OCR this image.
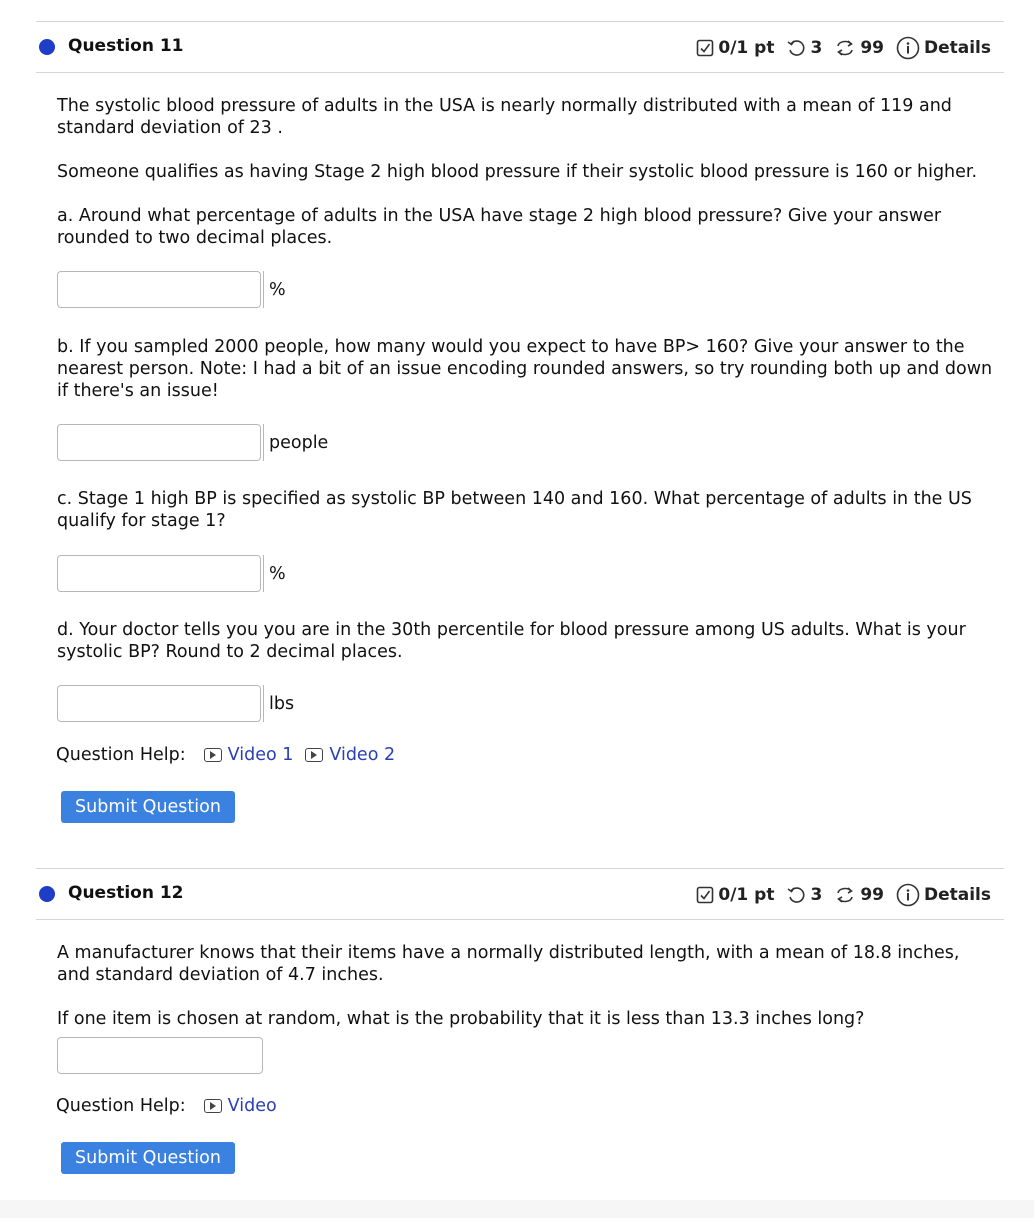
Question 11	0/1 pt 3 99 Details

The systolic blood pressure of adults in the USA is nearly normally distributed with a mean of 119 and standard deviation of 23 .

Someone qualifies as having Stage 2 high blood pressure if their systolic blood pressure is 160 or higher.

a. Around what percentage of adults in the USA have stage 2 high blood pressure? Give your answer rounded to two decimal places.

%

b. If you sampled 2000 people, how many would you expect to have BP> 160? Give your answer to the nearest person. Note: I had a bit of an issue encoding rounded answers, so try rounding both up and down if there's an issue!

people

c. Stage 1 high BP is specified as systolic BP between 140 and 160. What percentage of adults in the US qualify for stage 1?

%

d. Your doctor tells you you are in the 30th percentile for blood pressure among US adults. What is your systolic BP? Round to 2 decimal places.

lbs
Question Help: Video 1 Video 2
Submit Question
Question 12	0/1 pt 3 99 Details

A manufacturer knows that their items have a normally distributed length, with a mean of 18.8 inches, and standard deviation of 4.7 inches.

If one item is chosen at random, what is the probability that it is less than 13.3 inches long?

Question Help: Video
Submit Question
